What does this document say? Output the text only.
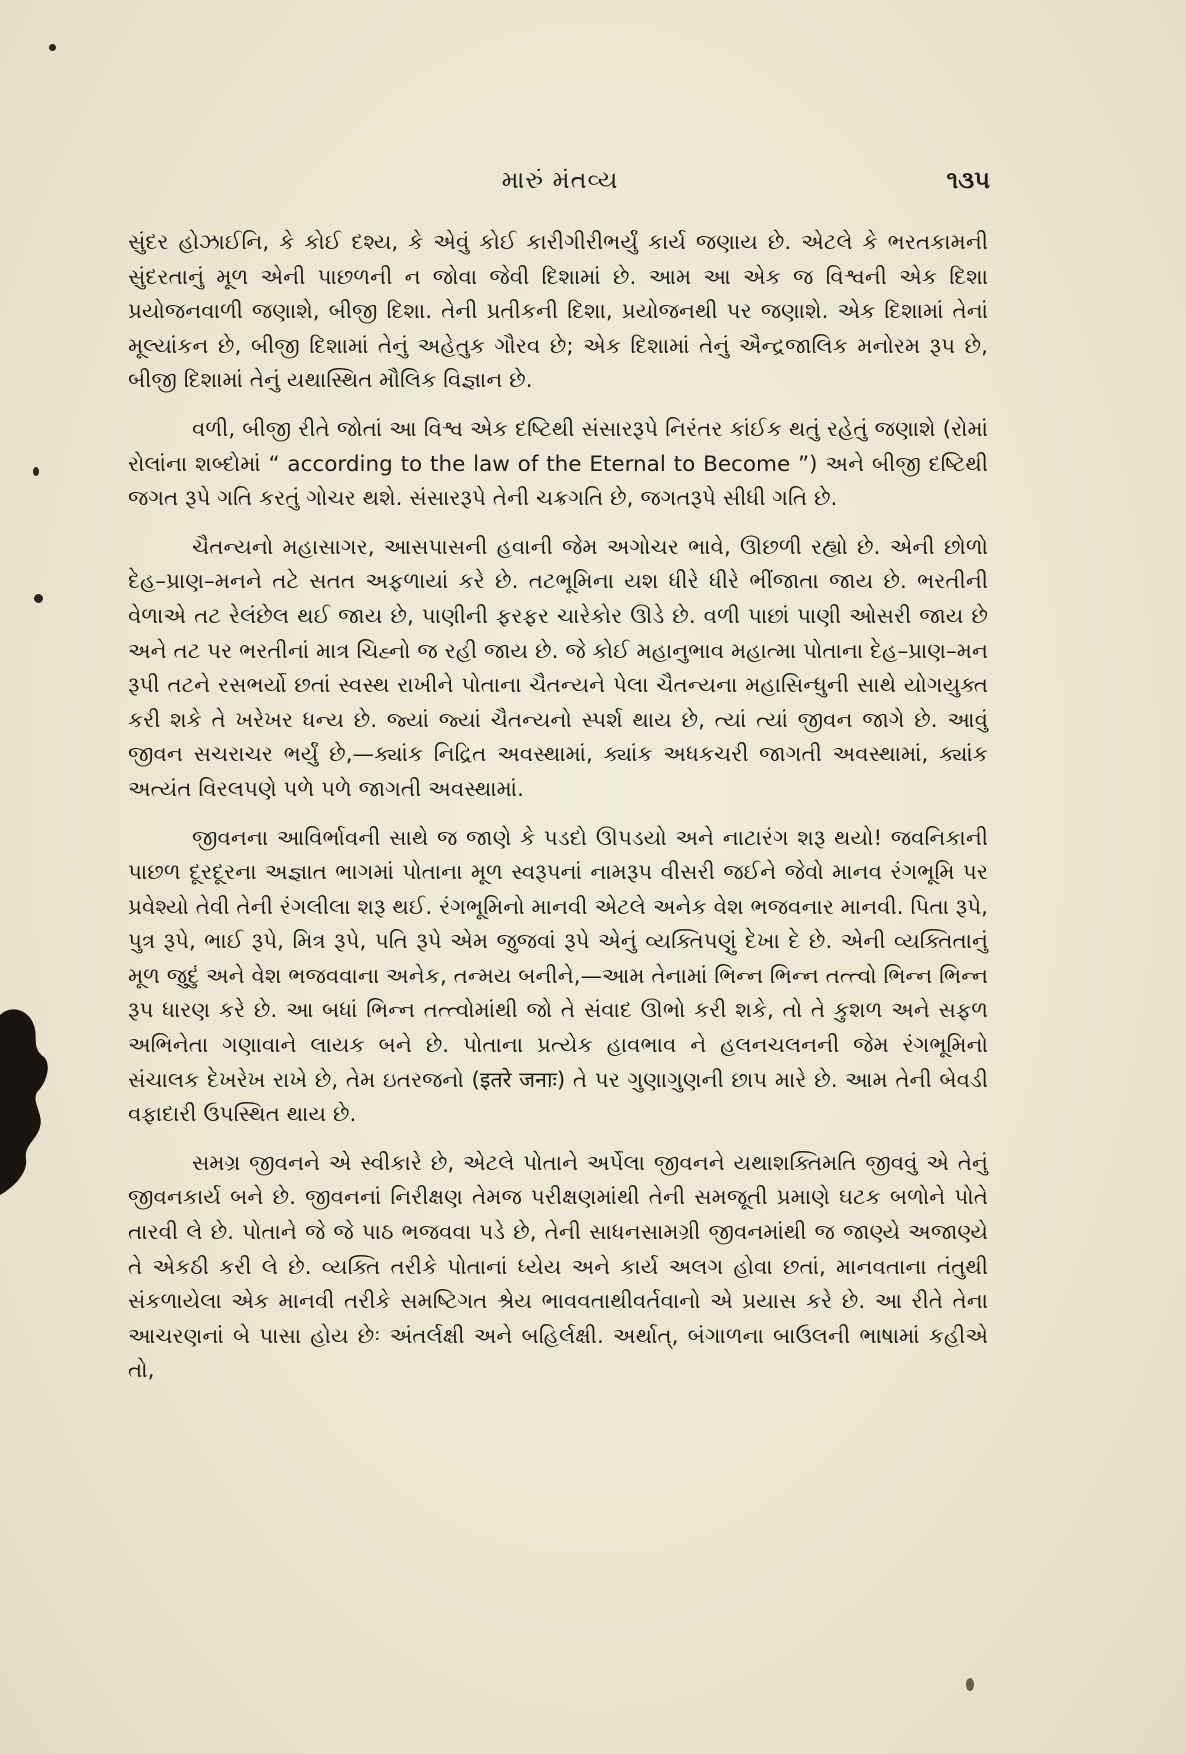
મારું મંતવ્ય	૧૩૫

સુંદર હોઝાઈનિ, કે કોઈ દશ્ય, કે એવું કોઈ કારીગીરીભર્યું કાર્ય જણાય છે. એટલે કે ભરતકામની સુંદરતાનું મૂળ એની પાછળની ન જોવા જેવી દિશામાં છે. આમ આ એક જ વિશ્વની એક દિશા પ્રયોજનવાળી જણાશે, બીજી દિશા. તેની પ્રતીકની દિશા, પ્રયોજનથી પર જણાશે. એક દિશામાં તેનાં મૂલ્યાંકન છે, બીજી દિશામાં તેનું અહેતુક ગૌરવ છે; એક દિશામાં તેનું ઐન્દ્રજાલિક મનોરમ રૂપ છે, બીજી દિશામાં તેનું યથાસ્થિત મૌલિક વિજ્ઞાન છે.

વળી, બીજી રીતે જોતાં આ વિશ્વ એક દષ્ટિથી સંસારરૂપે નિરંતર કાંઈક થતું રહેતું જણાશે (રોમાં રોલાંના શબ્દોમાં “ according to the law of the Eternal to Become ”) અને બીજી દષ્ટિથી જગત રૂપે ગતિ કરતું ગોચર થશે. સંસારરૂપે તેની ચક્રગતિ છે, જગતરૂપે સીધી ગતિ છે.

ચૈતન્યનો મહાસાગર, આસપાસની હવાની જેમ અગોચર ભાવે, ઊછળી રહ્યો છે. એની છોળો દેહ–પ્રાણ–મનને તટે સતત અફળાયાં કરે છે. તટભૂમિના યશ ધીરે ધીરે ભીંજાતા જાય છે. ભરતીની વેળાએ તટ રેલંછેલ થઈ જાય છે, પાણીની ફરફર ચારેકોર ઊડે છે. વળી પાછાં પાણી ઓસરી જાય છે અને તટ પર ભરતીનાં માત્ર ચિહ્નો જ રહી જાય છે. જે કોઈ મહાનુભાવ મહાત્મા પોતાના દેહ–પ્રાણ–મન રૂપી તટને રસભર્યો છતાં સ્વસ્થ રાખીને પોતાના ચૈતન્યને પેલા ચૈતન્યના મહાસિન્ધુની સાથે યોગયુક્ત કરી શકે તે ખરેખર ધન્ય છે. જ્યાં જ્યાં ચૈતન્યનો સ્પર્શ થાય છે, ત્યાં ત્યાં જીવન જાગે છે. આવું જીવન સચરાચર ભર્યું છે,—ક્યાંક નિદ્રિત અવસ્થામાં, ક્યાંક અધકચરી જાગતી અવસ્થામાં, ક્યાંક અત્યંત વિરલપણે પળે પળે જાગતી અવસ્થામાં.

જીવનના આવિર્ભાવની સાથે જ જાણે કે પડદો ઊપડયો અને નાટારંગ શરૂ થયો! જવનિકાની પાછળ દૂરદૂરના અજ્ઞાત ભાગમાં પોતાના મૂળ સ્વરૂપનાં નામરૂપ વીસરી જઈને જેવો માનવ રંગભૂમિ પર પ્રવેશ્યો તેવી તેની રંગલીલા શરૂ થઈ. રંગભૂમિનો માનવી એટલે અનેક વેશ ભજવનાર માનવી. પિતા રૂપે, પુત્ર રૂપે, ભાઈ રૂપે, મિત્ર રૂપે, પતિ રૂપે એમ જુજવાં રૂપે એનું વ્યક્તિપણું દેખા દે છે. એની વ્યક્તિતાનું મૂળ જુદું અને વેશ ભજવવાના અનેક, તન્મય બનીને,—આમ તેનામાં ભિન્ન ભિન્ન તત્ત્વો ભિન્ન ભિન્ન રૂપ ધારણ કરે છે. આ બધાં ભિન્ન તત્ત્વોમાંથી જો તે સંવાદ ઊભો કરી શકે, તો તે કુશળ અને સફળ અભિનેતા ગણાવાને લાયક બને છે. પોતાના પ્રત્યેક હાવભાવ ને હલનચલનની જેમ રંગભૂમિનો સંચાલક દેખરેખ રાખે છે, તેમ ઇતરજનો (इतरे जनाः) તે પર ગુણાગુણની છાપ મારે છે. આમ તેની બેવડી વફાદારી ઉપસ્થિત થાય છે.

સમગ્ર જીવનને એ સ્વીકારે છે, એટલે પોતાને અર્પેલા જીવનને યથાશક્તિમતિ જીવવું એ તેનું જીવનકાર્ય બને છે. જીવનનાં નિરીક્ષણ તેમજ પરીક્ષણમાંથી તેની સમજૂતી પ્રમાણે ઘટક બળોને પોતે તારવી લે છે. પોતાને જે જે પાઠ ભજવવા પડે છે, તેની સાધનસામગ્રી જીવનમાંથી જ જાણ્યે અજાણ્યે તે એકઠી કરી લે છે. વ્યક્તિ તરીકે પોતાનાં ધ્યેય અને કાર્ય અલગ હોવા છતાં, માનવતાના તંતુથી સંકળાયેલા એક માનવી તરીકે સમષ્ટિગત શ્રેય ભાવવતાથીવર્તવાનો એ પ્રયાસ કરે છે. આ રીતે તેના આચરણનાં બે પાસા હોય છેઃ અંતર્લક્ષી અને બહિર્લક્ષી. અર્થાત્, બંગાળના બાઉલની ભાષામાં કહીએ તો,
